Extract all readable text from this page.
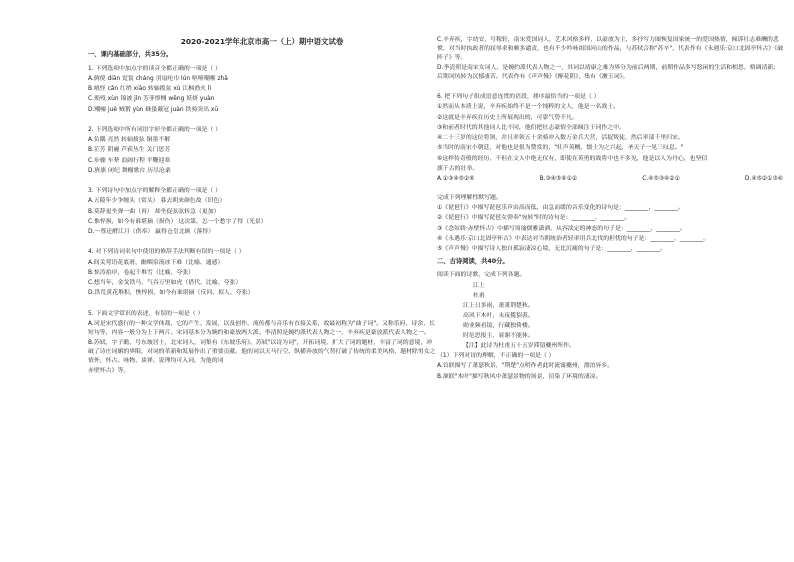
2020-2021学年北京市高一（上）期中语文试卷

一、课内基础部分，共35分。

1. 下列选项中加点字的读音全都正确的一项是（ ）

A.倜傥 diān 霓裳 cháng 羽扇纶巾 lún 呕哑嘲哳 zhā

B.嗔怪 cǎn 红绡 xiāo 转轴拨弦 xù 江枫渔火 lì

C.殒殁 xùn 锦被 jǐn 芳菲悱恻 wēng 妖妍 yuàn

D.嘲嘘 juē 贼猬 yùn 蜂蛩戴冠 juàn 铁骑突出 xū

2. 下列选项中所有词语字形全都正确的一项是（ ）

A.负隅 亮然 转轴拔弦 铜墨不解

B.芷芳 阴霾 芦荻丛生 关门思芳

C.步骤 车辇 浪阔行程 平鞭迎寒

D.旌旗 闭纪 舞榭歌台 历尽沧桑

3. 下列诗句中加点字的解释全都正确的一项是（ ）

A.五陵年少争缠头（赏头） 暮去朝来颜色故（旧色）

B.莫辞更坐弹一曲（再） 却坐促弦弦转急（更加）

C.惟悴损，如今有谁堪摘（损伤） 这次第，怎一个愁字了得（光景）

D.一尊还酹江月（供奉） 赢得仓皇北顾（落得）

4. 对下列诗词名句中使用的修辞手法判断有误的一项是（ ）

A.间关莺语花底滑，幽咽泉流冰下难（比喻、通感）

B.惊涛拍岸，卷起千堆雪（比喻、夸张）

C.想当年，金戈铁马，气吞万里如虎（借代、比喻、夸张）

D.洪荒黄花堆积，憔悴损，如今有谁堪摘（反问、拟人、夸张）

5. 下面文学常识的表述，有误的一项是（ ）

A.词是宋代盛行的一种文学体裁，它的产生、发展，以及创作、流传都与音乐有直接关系，故最初称为"曲子词"。又称乐府、诗余、长短句等，内容一般分为上下两片。宋词基本分为婉约和豪放两大派。李清照是婉约派代表人物之一，辛弃疾是豪放派代表人物之一。

B.苏轼，字子瞻，号东坡居士，北宋词人，词集有《东坡乐府》。苏轼"以诗为词"，开拓词境，扩大了词的题材，丰富了词的意境，冲破了诗庄词媚的界限，对词的革新和发展作出了重要贡献。他的词以天马行空、纵横奔放的气势打破了传统的柔美风格，题材除男女之情外，怀古、咏物、谈禅、说理均可入词，为他的词

赤壁怀古》等。

C.辛弃疾，字幼安，号稼轩，南宋爱国词人，艺术风格多样，以豪放为主，多抒写力图恢复国家统一的爱国热情，倾诉壮志难酬的悲愤，对当时执政者的屈辱求和颇多谴责，也有不少吟咏祖国河山的作品，与苏轼合称"苏辛"，代表作有《永遇乐·京口北固亭怀古》《破阵子》等。

D.李清照是南宋女词人，是婉约派代表人物之一，其词以靖康之难为界分为前后两期，前期作品多写悠闲的生活和相思，格调清新；后期词风转为沉郁凄苦。代表作有《声声慢》《醉花阴》，集有《漱玉词》。

6. 把下列句子组成语意连贯的语段，排序最恰当的一项是（ ）

①然而从本质上说，辛弃疾始终不是一个纯粹的文人，他是一名战士。

②这就是辛弃疾在历史上所展现出的，可靠气势不凡。

③和前者时代的其他词人比不同，他们把壮志豪情全部倾注于词作之中。

④二十三岁的这位将领，并且率领五十余骑冲入数万金兵大营，活捉叛徒，然后率部千里归宋。

⑤当时的南宋小朝廷，对他也是很为赞赏的，"壮声英概，懦士为之兴起，圣天子一见三叹息。"

⑥这样传奇般的经历，不但在文人中绝无仅有，即使在英勇的战将中也不多见，他是以人为丹心，也坚信

旗千古的壮举。

A.①③④⑤②⑥	B.③④⑤⑥①②	C.④⑤③⑥②①	D.④⑤②①③⑥

完成下列理解性默写题。

①《琵琶行》中描写琵琶乐声由高而低、由急而缓的音乐变化的诗句是：________，________。

②《琵琶行》中描写琵琶女弹奏"宛转"时的诗句是：________，________。

③《念奴娇·赤壁怀古》中描写周瑜儒雅潇洒、从容淡定的神态的句子是：________，________。

④《永遇乐·京口北固亭怀古》中表达对当朝统治者轻率用兵北伐的担忧的句子是：________，________。

⑤《声声慢》中描写诗人独自孤寂凄凉心境、无比沉痛的句子是：________，________。

二、古诗阅读，共40分。

阅读下面的诗歌，完成下列各题。

江上

杜甫

江上日多雨，萧萧荆楚秋。

高风下木叶，永夜揽貂裘。

勋业频看镜，行藏独倚楼。

时危思报主，衰谢不能休。

【注】此诗为杜甫五十五岁滞留夔州所作。

（1）下列对诗的理解，不正确的一项是（ ）

A.首联描写了萧瑟秋景，"荆楚"点明作者此时流寓夔州，漂泊异乡。

B.颔联"木叶"描写秋风中萧瑟景物的场景，渲染了环境的凄凉。
